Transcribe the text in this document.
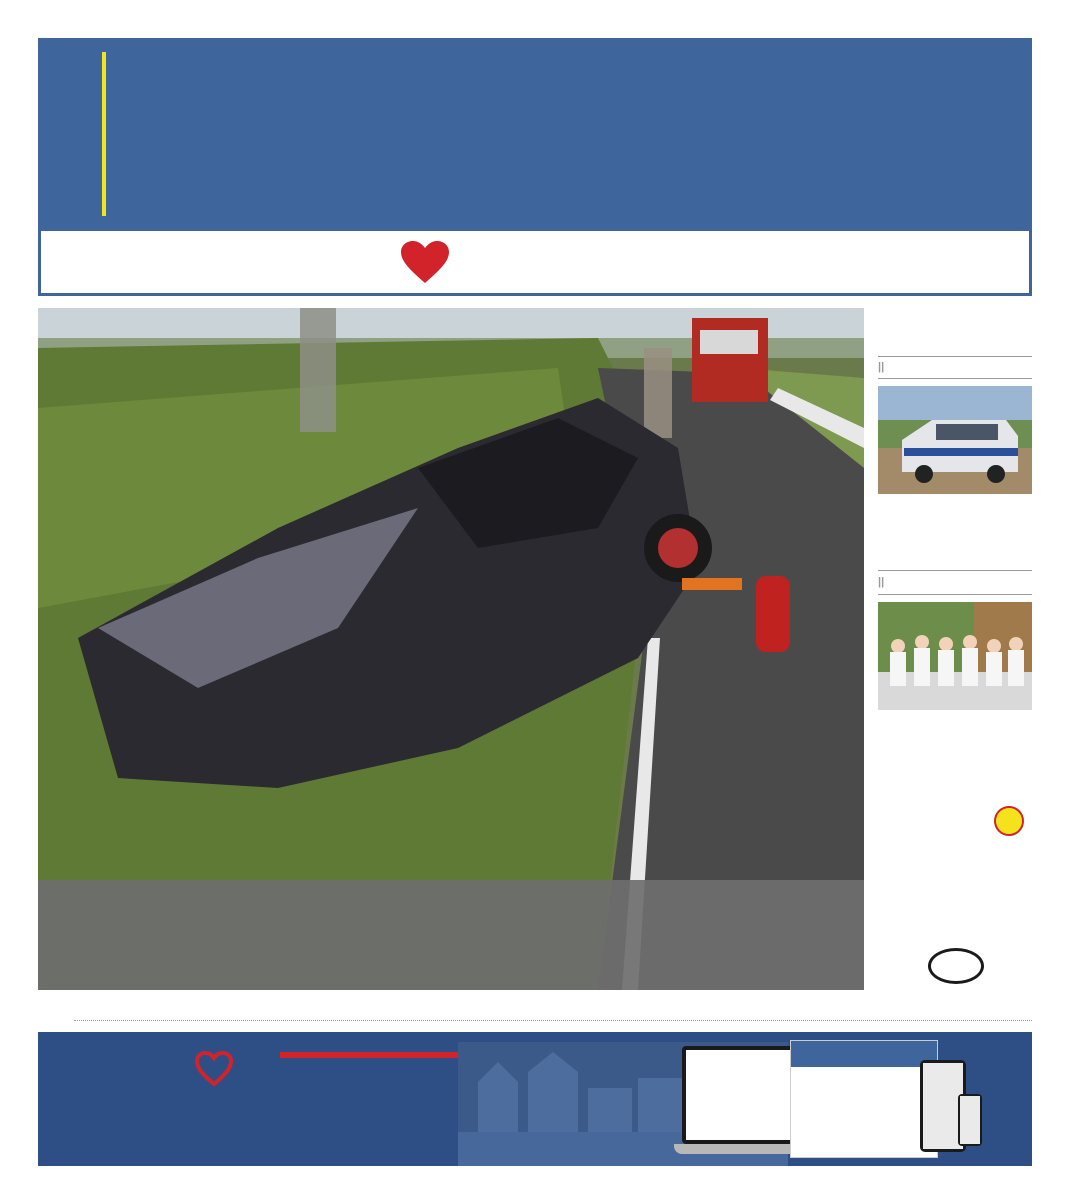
||
||
